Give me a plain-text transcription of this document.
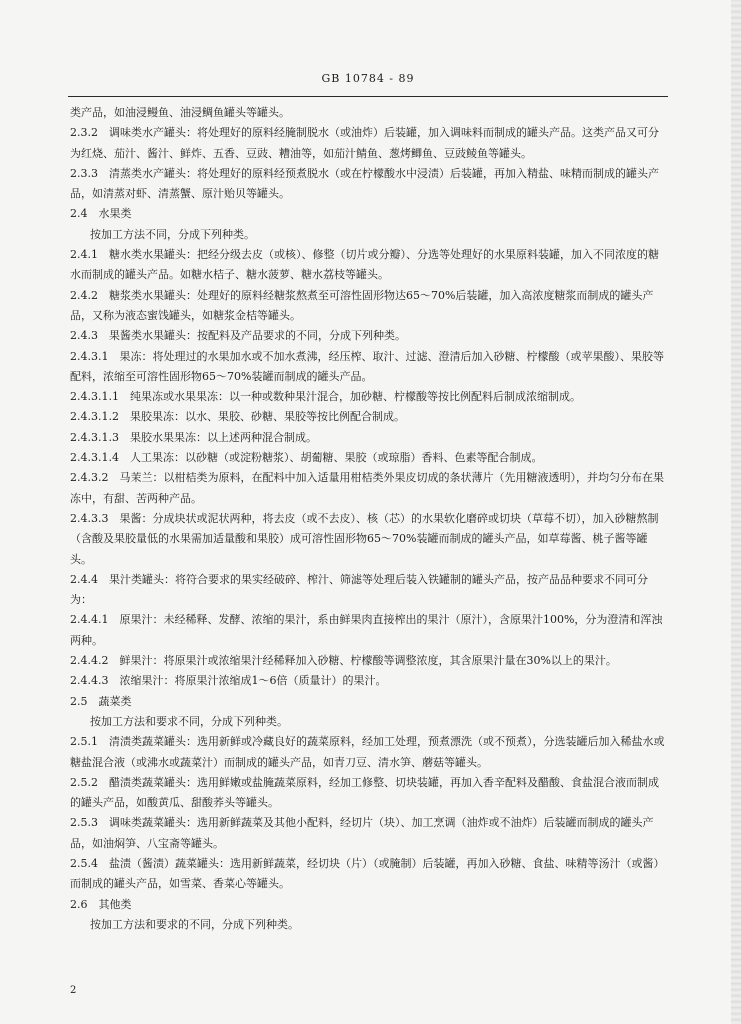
GB 10784 - 89

类产品，如油浸鳗鱼、油浸鲷鱼罐头等罐头。

2.3.2　调味类水产罐头：将处理好的原料经腌制脱水（或油炸）后装罐，加入调味料而制成的罐头产品。这类产品又可分为红烧、茄汁、酱汁、鲜炸、五香、豆豉、糟油等，如茄汁鲭鱼、葱烤鲫鱼、豆豉鲮鱼等罐头。

2.3.3　清蒸类水产罐头：将处理好的原料经预煮脱水（或在柠檬酸水中浸渍）后装罐，再加入精盐、味精而制成的罐头产品，如清蒸对虾、清蒸蟹、原汁贻贝等罐头。

2.4　水果类

按加工方法不同，分成下列种类。

2.4.1　糖水类水果罐头：把经分级去皮（或核）、修整（切片或分瓣）、分选等处理好的水果原料装罐，加入不同浓度的糖水而制成的罐头产品。如糖水桔子、糖水菠萝、糖水荔枝等罐头。

2.4.2　糖浆类水果罐头：处理好的原料经糖浆熬煮至可溶性固形物达65～70%后装罐，加入高浓度糖浆而制成的罐头产品，又称为液态蜜饯罐头，如糖浆金桔等罐头。

2.4.3　果酱类水果罐头：按配料及产品要求的不同，分成下列种类。

2.4.3.1　果冻：将处理过的水果加水或不加水煮沸，经压榨、取汁、过滤、澄清后加入砂糖、柠檬酸（或苹果酸）、果胶等配料，浓缩至可溶性固形物65～70%装罐而制成的罐头产品。

2.4.3.1.1　纯果冻或水果果冻：以一种或数种果汁混合，加砂糖、柠檬酸等按比例配料后制成浓缩制成。

2.4.3.1.2　果胶果冻：以水、果胶、砂糖、果胶等按比例配合制成。

2.4.3.1.3　果胶水果果冻：以上述两种混合制成。

2.4.3.1.4　人工果冻：以砂糖（或淀粉糖浆）、胡葡糖、果胶（或琼脂）香料、色素等配合制成。

2.4.3.2　马茉兰：以柑桔类为原料，在配料中加入适量用柑桔类外果皮切成的条状薄片（先用糖液透明），并均匀分布在果冻中，有甜、苦两种产品。

2.4.3.3　果酱：分成块状或泥状两种，将去皮（或不去皮）、核（芯）的水果软化磨碎或切块（草莓不切），加入砂糖熬制（含酸及果胶量低的水果需加适量酸和果胶）成可溶性固形物65～70%装罐而制成的罐头产品，如草莓酱、桃子酱等罐头。

2.4.4　果汁类罐头：将符合要求的果实经破碎、榨汁、筛滤等处理后装入铁罐制的罐头产品，按产品品种要求不同可分为：

2.4.4.1　原果汁：未经稀释、发酵、浓缩的果汁，系由鲜果肉直接榨出的果汁（原汁），含原果汁100%，分为澄清和浑浊两种。

2.4.4.2　鲜果汁：将原果汁或浓缩果汁经稀释加入砂糖、柠檬酸等调整浓度，其含原果汁量在30%以上的果汁。

2.4.4.3　浓缩果汁：将原果汁浓缩成1～6倍（质量计）的果汁。

2.5　蔬菜类

按加工方法和要求不同，分成下列种类。

2.5.1　清渍类蔬菜罐头：选用新鲜或冷藏良好的蔬菜原料，经加工处理，预煮漂洗（或不预煮），分选装罐后加入稀盐水或糖盐混合液（或沸水或蔬菜汁）而制成的罐头产品，如青刀豆、清水笋、蘑菇等罐头。

2.5.2　醋渍类蔬菜罐头：选用鲜嫩或盐腌蔬菜原料，经加工修整、切块装罐，再加入香辛配料及醋酸、食盐混合液而制成的罐头产品，如酸黄瓜、甜酸荞头等罐头。

2.5.3　调味类蔬菜罐头：选用新鲜蔬菜及其他小配料，经切片（块）、加工烹调（油炸或不油炸）后装罐而制成的罐头产品，如油焖笋、八宝斋等罐头。

2.5.4　盐渍（酱渍）蔬菜罐头：选用新鲜蔬菜，经切块（片）（或腌制）后装罐，再加入砂糖、食盐、味精等汤汁（或酱）而制成的罐头产品，如雪菜、香菜心等罐头。

2.6　其他类

按加工方法和要求的不同，分成下列种类。

2
